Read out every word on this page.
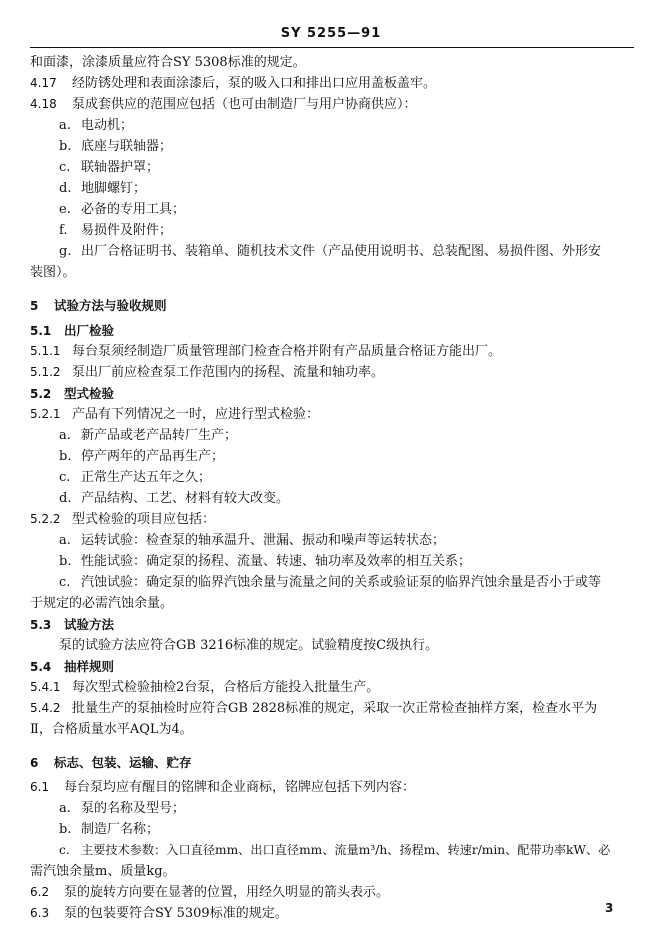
SY 5255—91
和面漆，涂漆质量应符合SY 5308标准的规定。
4.17 经防锈处理和表面涂漆后，泵的吸入口和排出口应用盖板盖牢。
4.18 泵成套供应的范围应包括（也可由制造厂与用户协商供应）：
a. 电动机；
b. 底座与联轴器；
c. 联轴器护罩；
d. 地脚螺钉；
e. 必备的专用工具；
f. 易损件及附件；
g. 出厂合格证明书、装箱单、随机技术文件（产品使用说明书、总装配图、易损件图、外形安
装图）。
5 试验方法与验收规则
5.1 出厂检验
5.1.1 每台泵须经制造厂质量管理部门检查合格并附有产品质量合格证方能出厂。
5.1.2 泵出厂前应检查泵工作范围内的扬程、流量和轴功率。
5.2 型式检验
5.2.1 产品有下列情况之一时，应进行型式检验：
a. 新产品或老产品转厂生产；
b. 停产两年的产品再生产；
c. 正常生产达五年之久；
d. 产品结构、工艺、材料有较大改变。
5.2.2 型式检验的项目应包括：
a. 运转试验：检查泵的轴承温升、泄漏、振动和噪声等运转状态；
b. 性能试验：确定泵的扬程、流量、转速、轴功率及效率的相互关系；
c. 汽蚀试验：确定泵的临界汽蚀余量与流量之间的关系或验证泵的临界汽蚀余量是否小于或等
于规定的必需汽蚀余量。
5.3 试验方法
泵的试验方法应符合GB 3216标准的规定。试验精度按C级执行。
5.4 抽样规则
5.4.1 每次型式检验抽检2台泵，合格后方能投入批量生产。
5.4.2 批量生产的泵抽检时应符合GB 2828标准的规定，采取一次正常检查抽样方案，检查水平为
Ⅱ，合格质量水平AQL为4。
6 标志、包装、运输、贮存
6.1 每台泵均应有醒目的铭牌和企业商标，铭牌应包括下列内容：
a. 泵的名称及型号；
b. 制造厂名称；
c. 主要技术参数：入口直径mm、出口直径mm、流量m³/h、扬程m、转速r/min、配带功率kW、必
需汽蚀余量m、质量kg。
6.2 泵的旋转方向要在显著的位置，用经久明显的箭头表示。
6.3 泵的包装要符合SY 5309标准的规定。	3
